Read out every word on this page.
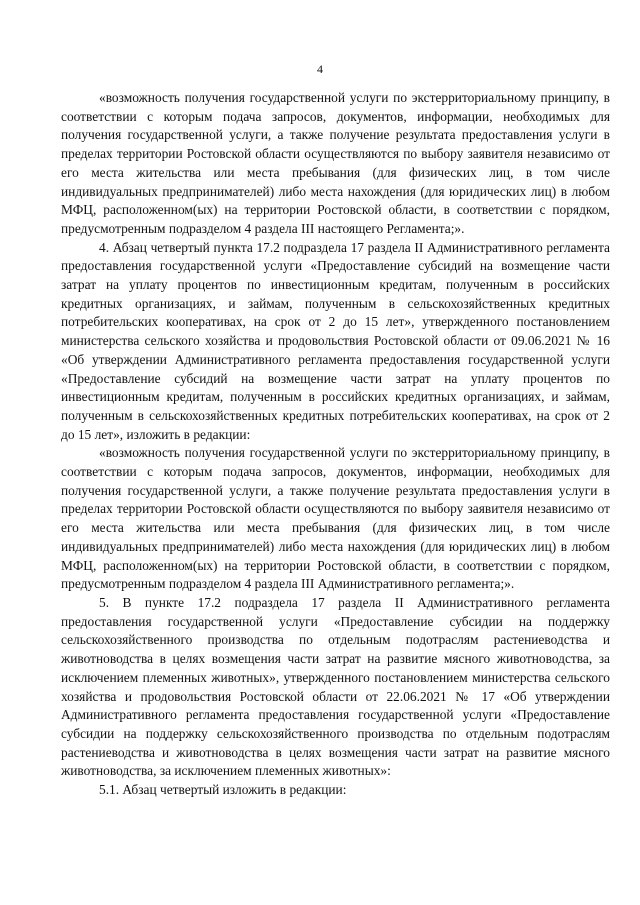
4

«возможность получения государственной услуги по экстерриториальному принципу, в соответствии с которым подача запросов, документов, информации, необходимых для получения государственной услуги, а также получение результата предоставления услуги в пределах территории Ростовской области осуществляются по выбору заявителя независимо от его места жительства или места пребывания (для физических лиц, в том числе индивидуальных предпринимателей) либо места нахождения (для юридических лиц) в любом МФЦ, расположенном(ых) на территории Ростовской области, в соответствии с порядком, предусмотренным подразделом 4 раздела III настоящего Регламента;».

4. Абзац четвертый пункта 17.2 подраздела 17 раздела II Административного регламента предоставления государственной услуги «Предоставление субсидий на возмещение части затрат на уплату процентов по инвестиционным кредитам, полученным в российских кредитных организациях, и займам, полученным в сельскохозяйственных кредитных потребительских кооперативах, на срок от 2 до 15 лет», утвержденного постановлением министерства сельского хозяйства и продовольствия Ростовской области от 09.06.2021 № 16 «Об утверждении Административного регламента предоставления государственной услуги «Предоставление субсидий на возмещение части затрат на уплату процентов по инвестиционным кредитам, полученным в российских кредитных организациях, и займам, полученным в сельскохозяйственных кредитных потребительских кооперативах, на срок от 2 до 15 лет», изложить в редакции:

«возможность получения государственной услуги по экстерриториальному принципу, в соответствии с которым подача запросов, документов, информации, необходимых для получения государственной услуги, а также получение результата предоставления услуги в пределах территории Ростовской области осуществляются по выбору заявителя независимо от его места жительства или места пребывания (для физических лиц, в том числе индивидуальных предпринимателей) либо места нахождения (для юридических лиц) в любом МФЦ, расположенном(ых) на территории Ростовской области, в соответствии с порядком, предусмотренным подразделом 4 раздела III Административного регламента;».

5. В пункте 17.2 подраздела 17 раздела II Административного регламента предоставления государственной услуги «Предоставление субсидии на поддержку сельскохозяйственного производства по отдельным подотраслям растениеводства и животноводства в целях возмещения части затрат на развитие мясного животноводства, за исключением племенных животных», утвержденного постановлением министерства сельского хозяйства и продовольствия Ростовской области от 22.06.2021 № 17 «Об утверждении Административного регламента предоставления государственной услуги «Предоставление субсидии на поддержку сельскохозяйственного производства по отдельным подотраслям растениеводства и животноводства в целях возмещения части затрат на развитие мясного животноводства, за исключением племенных животных»:

5.1. Абзац четвертый изложить в редакции:
